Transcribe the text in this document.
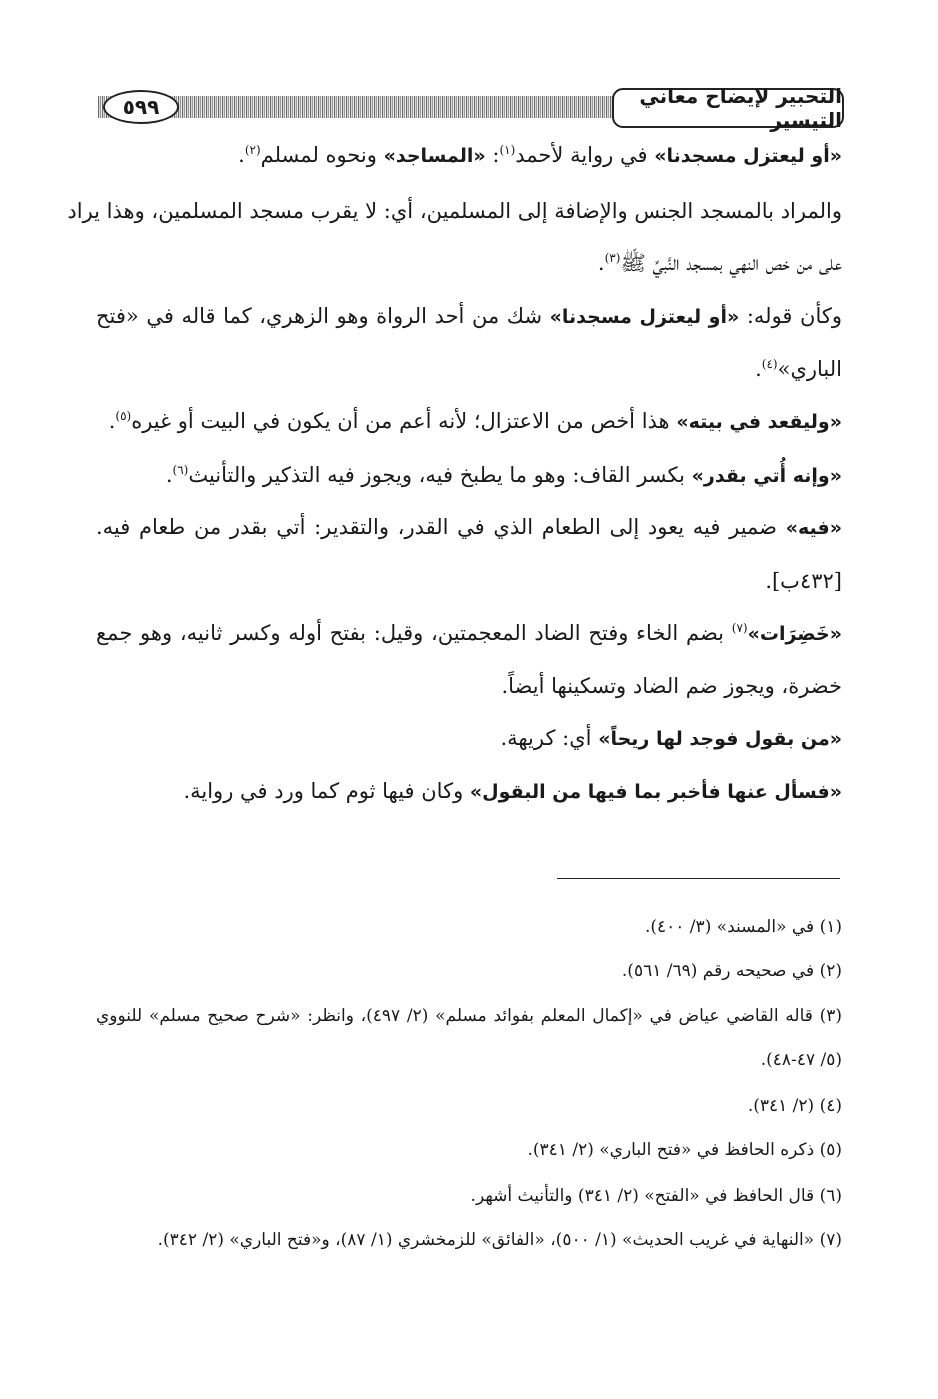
التحبير لإيضاح معاني التيسير
٥٩٩
«أو ليعتزل مسجدنا» في رواية لأحمد$^{(١)}$: «المساجد» ونحوه لمسلم$^{(٢)}$.
والمراد بالمسجد الجنس والإضافة إلى المسلمين، أي: لا يقرب مسجد المسلمين، وهذا يراد
على من خص النهي بمسجد النَّبيِّ ﷺ$^{(٣)}$.
وكأن قوله: «أو ليعتزل مسجدنا» شك من أحد الرواة وهو الزهري، كما قاله في «فتح
الباري»$^{(٤)}$.
«وليقعد في بيته» هذا أخص من الاعتزال؛ لأنه أعم من أن يكون في البيت أو غيره$^{(٥)}$.
«وإنه أُتي بقدر» بكسر القاف: وهو ما يطبخ فيه، ويجوز فيه التذكير والتأنيث$^{(٦)}$.
«فيه» ضمير فيه يعود إلى الطعام الذي في القدر، والتقدير: أتي بقدر من طعام فيه.
[٤٣٢ب].
«خَضِرَات»$^{(٧)}$ بضم الخاء وفتح الضاد المعجمتين، وقيل: بفتح أوله وكسر ثانيه، وهو جمع
خضرة، ويجوز ضم الضاد وتسكينها أيضاً.
«من بقول فوجد لها ريحاً» أي: كريهة.
«فسأل عنها فأخبر بما فيها من البقول» وكان فيها ثوم كما ورد في رواية.
(١) في «المسند» (٣/ ٤٠٠).
(٢) في صحيحه رقم (٦٩/ ٥٦١).
(٣) قاله القاضي عياض في «إكمال المعلم بفوائد مسلم» (٢/ ٤٩٧)، وانظر: «شرح صحيح مسلم» للنووي
(٥/ ٤٧-٤٨).
(٤) (٢/ ٣٤١).
(٥) ذكره الحافظ في «فتح الباري» (٢/ ٣٤١).
(٦) قال الحافظ في «الفتح» (٢/ ٣٤١) والتأنيث أشهر.
(٧) «النهاية في غريب الحديث» (١/ ٥٠٠)، «الفائق» للزمخشري (١/ ٨٧)، و«فتح الباري» (٢/ ٣٤٢).
